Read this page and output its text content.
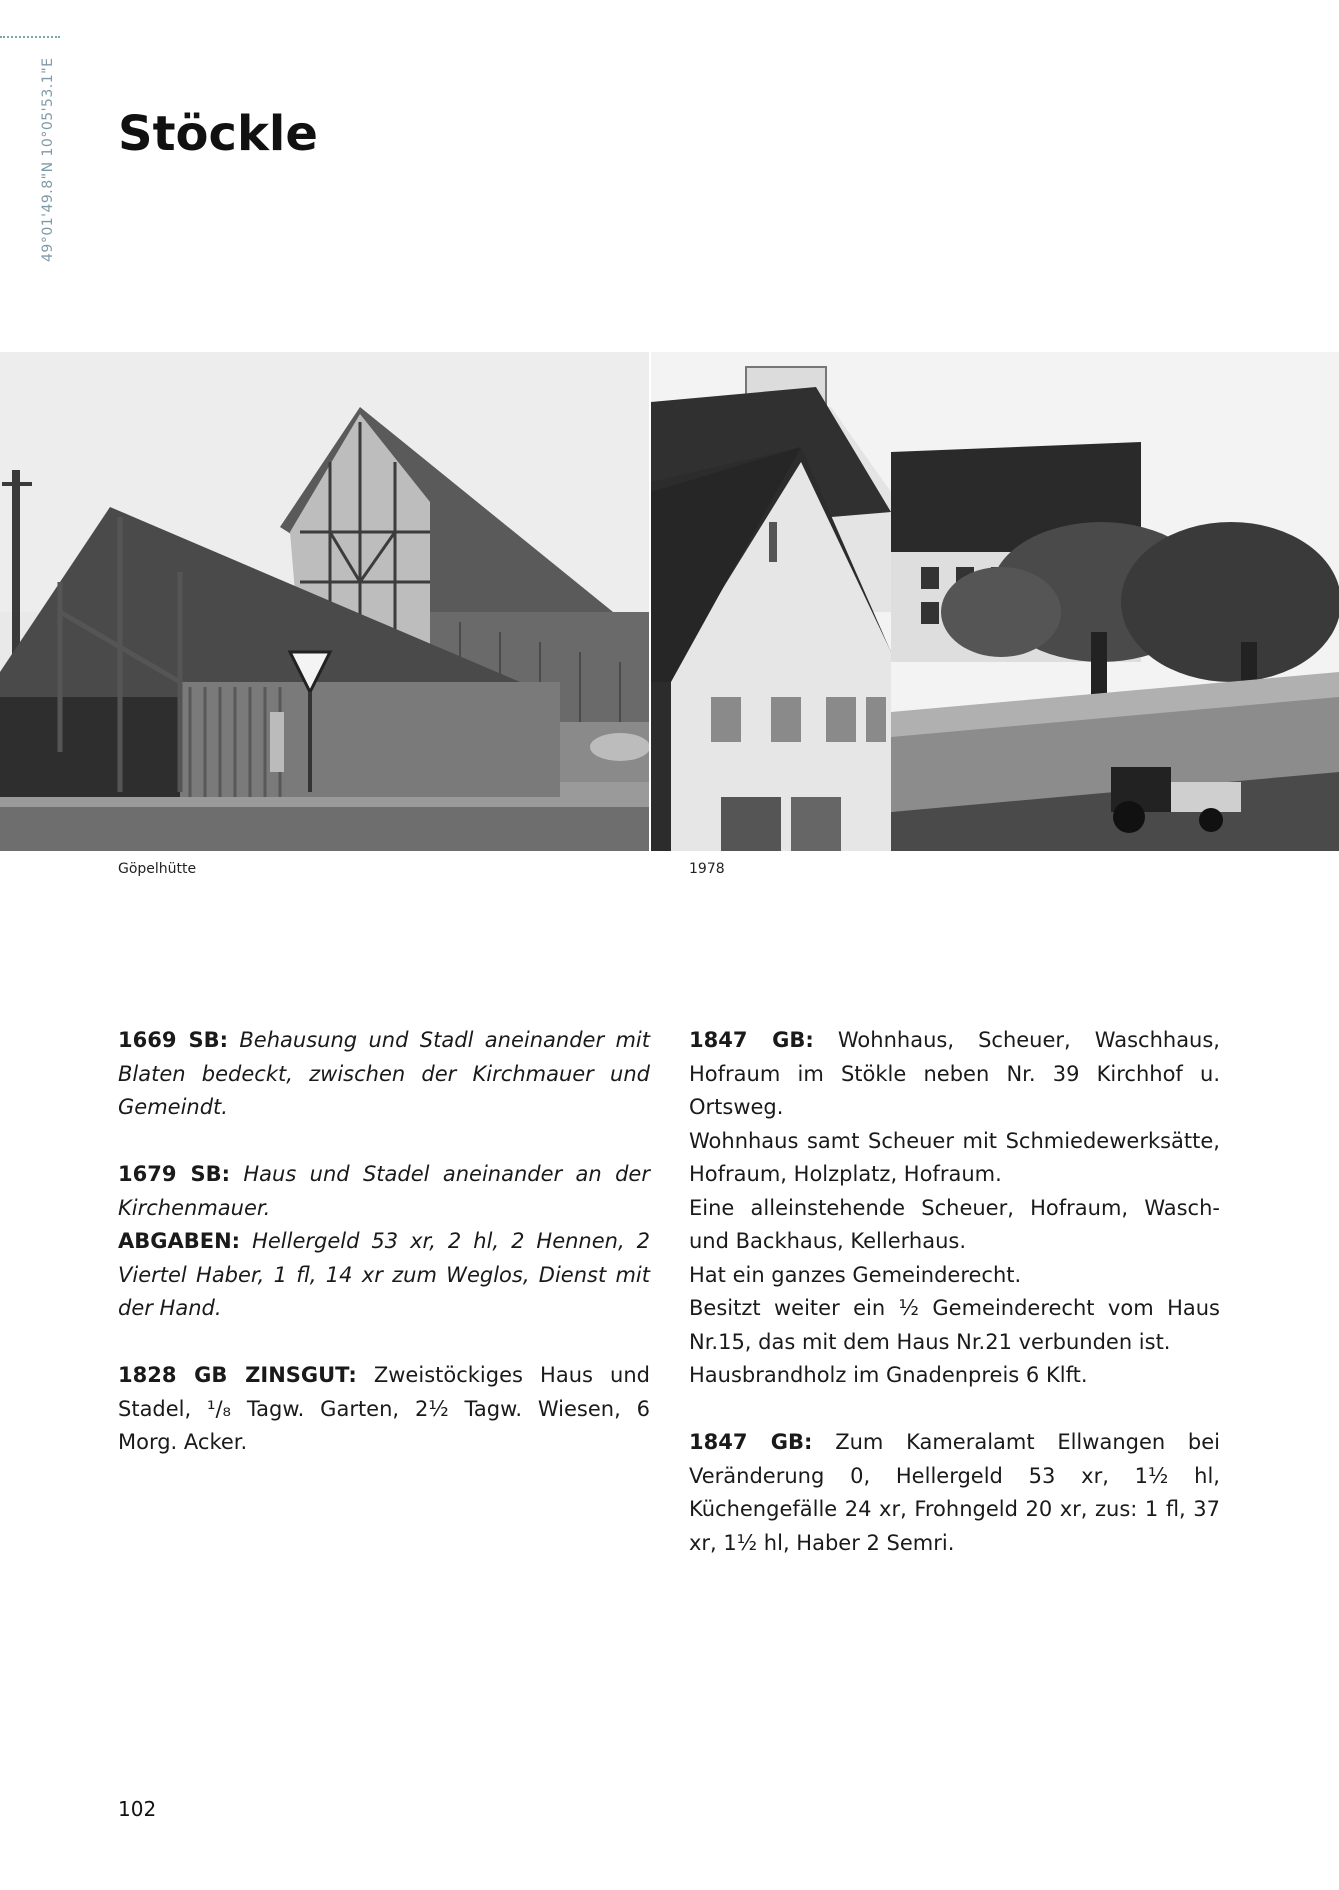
49°01'49.8"N 10°05'53.1"E Stöckle
Göpelhütte	1978

1669 SB: Behausung und Stadl aneinander mit Blaten bedeckt, zwischen der Kirchmauer und Gemeindt.

1679 SB: Haus und Stadel aneinander an der Kirchenmauer.

ABGABEN: Hellergeld 53 xr, 2 hl, 2 Hennen, 2 Viertel Haber, 1 fl, 14 xr zum Weglos, Dienst mit der Hand.

1828 GB ZINSGUT: Zweistöckiges Haus und Stadel, ¹/₈ Tagw. Garten, 2½ Tagw. Wiesen, 6 Morg. Acker.

1847 GB: Wohnhaus, Scheuer, Waschhaus, Hofraum im Stökle neben Nr. 39 Kirchhof u. Ortsweg.

Wohnhaus samt Scheuer mit Schmiedewerksätte, Hofraum, Holzplatz, Hofraum.

Eine alleinstehende Scheuer, Hofraum, Wasch- und Backhaus, Kellerhaus.

Hat ein ganzes Gemeinderecht.

Besitzt weiter ein ½ Gemeinderecht vom Haus Nr.15, das mit dem Haus Nr.21 verbunden ist.

Hausbrandholz im Gnadenpreis 6 Klft.

1847 GB: Zum Kameralamt Ellwangen bei Veränderung 0, Hellergeld 53 xr, 1½ hl, Küchengefälle 24 xr, Frohngeld 20 xr, zus: 1 fl, 37 xr, 1½ hl, Haber 2 Semri.

102
